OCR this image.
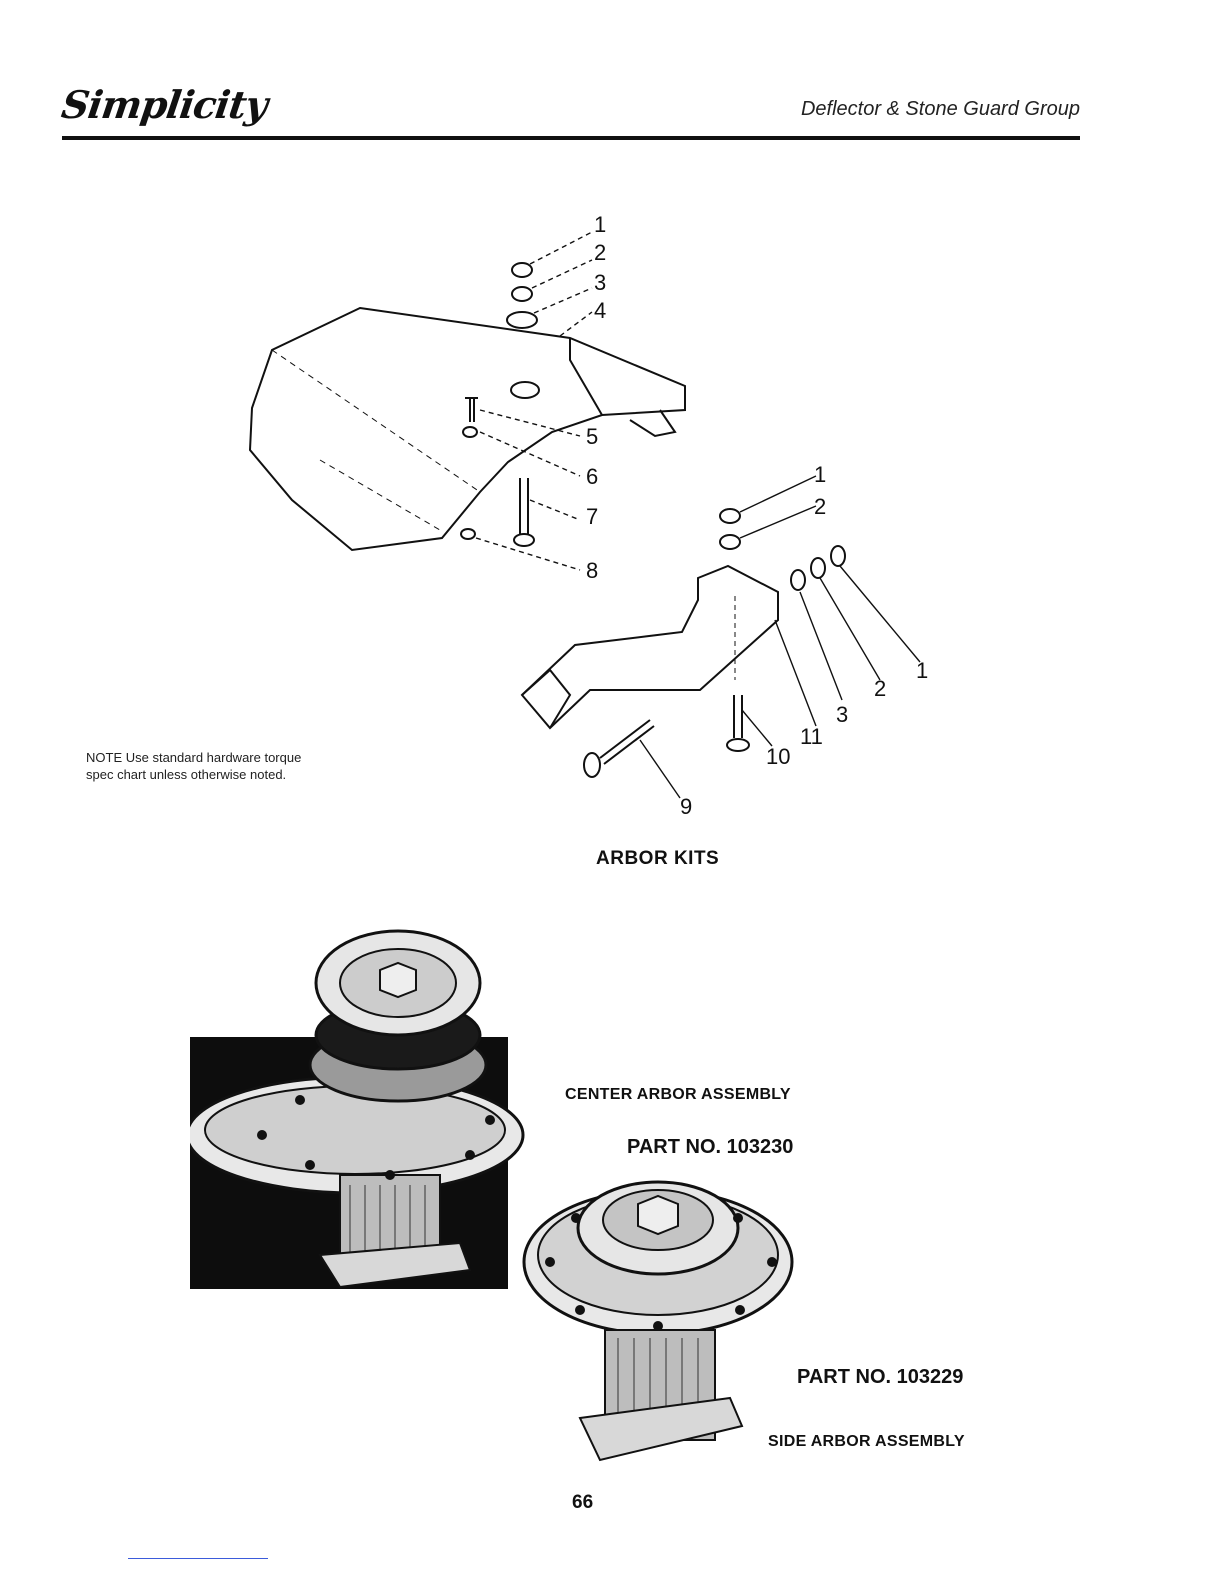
Simplicity	Deflector & Stone Guard Group
1
2
3
4
5
6
7
8
1
2
1
2
3
11
10
9
NOTE Use standard hardware torque spec chart unless otherwise noted.
ARBOR KITS
CENTER ARBOR ASSEMBLY
PART NO. 103230
PART NO. 103229
SIDE ARBOR ASSEMBLY
66
